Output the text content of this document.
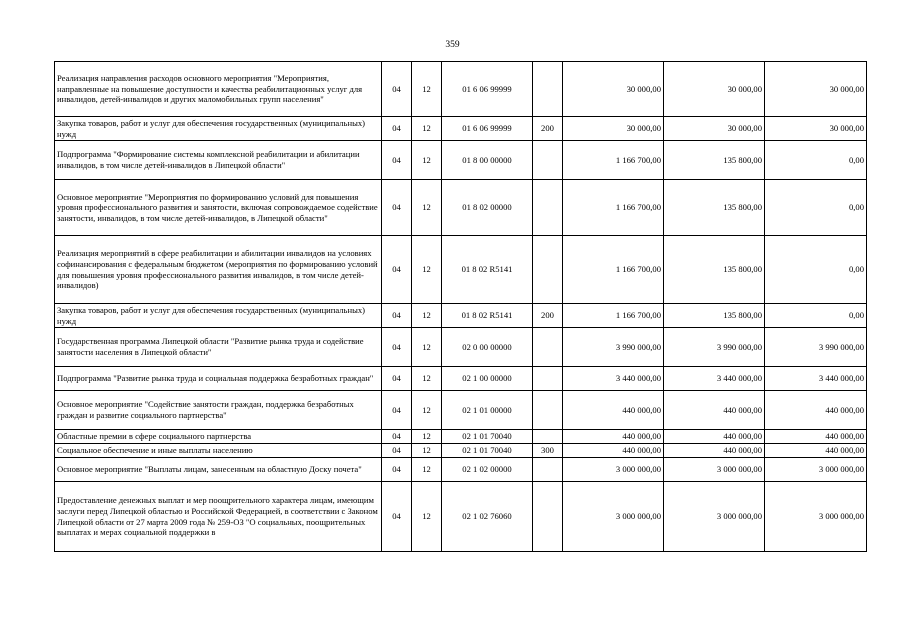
359
Реализация направления расходов основного мероприятия "Мероприятия, направленные на повышение доступности и качества реабилитационных услуг для инвалидов, детей-инвалидов и других маломобильных групп населения"	04	12	01 6 06 99999		30 000,00	30 000,00	30 000,00
Закупка товаров, работ и услуг для обеспечения государственных (муниципальных) нужд	04	12	01 6 06 99999	200	30 000,00	30 000,00	30 000,00
Подпрограмма "Формирование системы комплексной реабилитации и абилитации инвалидов, в том числе детей-инвалидов в Липецкой области"	04	12	01 8 00 00000		1 166 700,00	135 800,00	0,00
Основное мероприятие "Мероприятия по формированию условий для повышения уровня профессионального развития и занятости, включая сопровождаемое содействие занятости, инвалидов, в том числе детей-инвалидов, в Липецкой области"	04	12	01 8 02 00000		1 166 700,00	135 800,00	0,00
Реализация мероприятий в сфере реабилитации и абилитации инвалидов на условиях софинансирования с федеральным бюджетом (мероприятия по формированию условий для повышения уровня профессионального развития инвалидов, в том числе детей-инвалидов)	04	12	01 8 02 R5141		1 166 700,00	135 800,00	0,00
Закупка товаров, работ и услуг для обеспечения государственных (муниципальных) нужд	04	12	01 8 02 R5141	200	1 166 700,00	135 800,00	0,00
Государственная программа Липецкой области "Развитие рынка труда и содействие занятости населения в Липецкой области"	04	12	02 0 00 00000		3 990 000,00	3 990 000,00	3 990 000,00
Подпрограмма "Развитие рынка труда и социальная поддержка безработных граждан"	04	12	02 1 00 00000		3 440 000,00	3 440 000,00	3 440 000,00
Основное мероприятие "Содействие занятости граждан, поддержка безработных граждан и развитие социального партнерства"	04	12	02 1 01 00000		440 000,00	440 000,00	440 000,00
Областные премии в сфере социального партнерства	04	12	02 1 01 70040		440 000,00	440 000,00	440 000,00
Социальное обеспечение и иные выплаты населению	04	12	02 1 01 70040	300	440 000,00	440 000,00	440 000,00
Основное мероприятие "Выплаты лицам, занесенным на областную Доску почета"	04	12	02 1 02 00000		3 000 000,00	3 000 000,00	3 000 000,00
Предоставление денежных выплат и мер поощрительного характера лицам, имеющим заслуги перед Липецкой областью и Российской Федерацией, в соответствии с Законом Липецкой области от 27 марта 2009 года № 259-ОЗ "О социальных, поощрительных выплатах и мерах социальной поддержки в	04	12	02 1 02 76060		3 000 000,00	3 000 000,00	3 000 000,00
